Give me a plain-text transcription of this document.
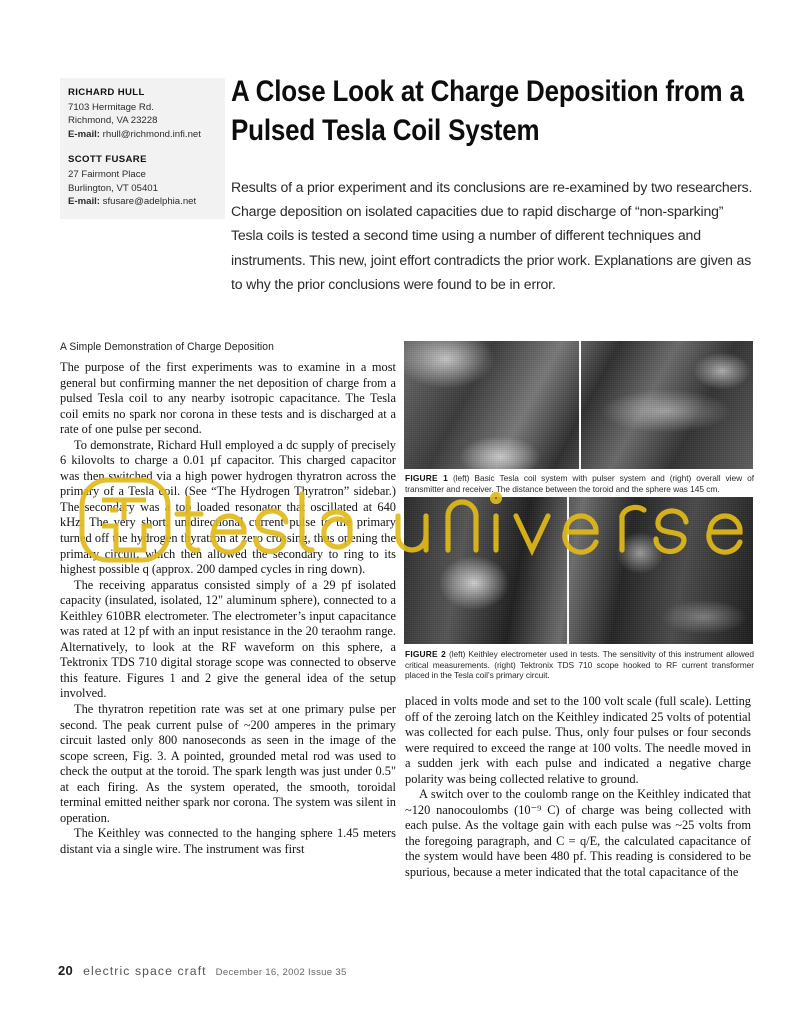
RICHARD HULL
7103 Hermitage Rd.
Richmond, VA 23228
E-mail: rhull@richmond.infi.net
SCOTT FUSARE
27 Fairmont Place
Burlington, VT 05401
E-mail: sfusare@adelphia.net
A Close Look at Charge Deposition from a Pulsed Tesla Coil System
Results of a prior experiment and its conclusions are re-examined by two researchers. Charge deposition on isolated capacities due to rapid discharge of “non-sparking” Tesla coils is tested a second time using a number of different techniques and instruments. This new, joint effort contradicts the prior work. Explanations are given as to why the prior conclusions were found to be in error.
A Simple Demonstration of Charge Deposition

The purpose of the first experiments was to examine in a most general but confirming manner the net deposition of charge from a pulsed Tesla coil to any nearby isotropic capacitance. The Tesla coil emits no spark nor corona in these tests and is discharged at a rate of one pulse per second.

To demonstrate, Richard Hull employed a dc supply of precisely 6 kilovolts to charge a 0.01 µf capacitor. This charged capacitor was then switched via a high power hydrogen thyratron across the primary of a Tesla coil. (See “The Hydrogen Thyratron” sidebar.) The secondary was a top loaded resonator that oscillated at 640 kHz. The very short, unidirectional current pulse to the primary turned off the hydrogen thyratron at zero crossing, thus opening the primary circuit, which then allowed the secondary to ring to its highest possible q (approx. 200 damped cycles in ring down).

The receiving apparatus consisted simply of a 29 pf isolated capacity (insulated, isolated, 12" aluminum sphere), connected to a Keithley 610BR electrometer. The electrometer’s input capacitance was rated at 12 pf with an input resistance in the 20 teraohm range. Alternatively, to look at the RF waveform on this sphere, a Tektronix TDS 710 digital storage scope was connected to observe this feature. Figures 1 and 2 give the general idea of the setup involved.

The thyratron repetition rate was set at one primary pulse per second. The peak current pulse of ~200 amperes in the primary circuit lasted only 800 nanoseconds as seen in the image of the scope screen, Fig. 3. A pointed, grounded metal rod was used to check the output at the toroid. The spark length was just under 0.5" at each firing. As the system operated, the smooth, toroidal terminal emitted neither spark nor corona. The system was silent in operation.

The Keithley was connected to the hanging sphere 1.45 meters distant via a single wire. The instrument was first

FIGURE 1 (left) Basic Tesla coil system with pulser system and (right) overall view of transmitter and receiver. The distance between the toroid and the sphere was 145 cm.
FIGURE 2 (left) Keithley electrometer used in tests. The sensitivity of this instrument allowed critical measurements. (right) Tektronix TDS 710 scope hooked to RF current transformer placed in the Tesla coil’s primary circuit.

placed in volts mode and set to the 100 volt scale (full scale). Letting off of the zeroing latch on the Keithley indicated 25 volts of potential was collected for each pulse. Thus, only four pulses or four seconds were required to exceed the range at 100 volts. The needle moved in a sudden jerk with each pulse and indicated a negative charge polarity was being collected relative to ground.

A switch over to the coulomb range on the Keithley indicated that ~120 nanocoulombs (10⁻⁹ C) of charge was being collected with each pulse. As the voltage gain with each pulse was ~25 volts from the foregoing paragraph, and C = q/E, the calculated capacitance of the system would have been 480 pf. This reading is considered to be spurious, because a meter indicated that the total capacitance of the

20 electric space craft December 16, 2002 Issue 35
